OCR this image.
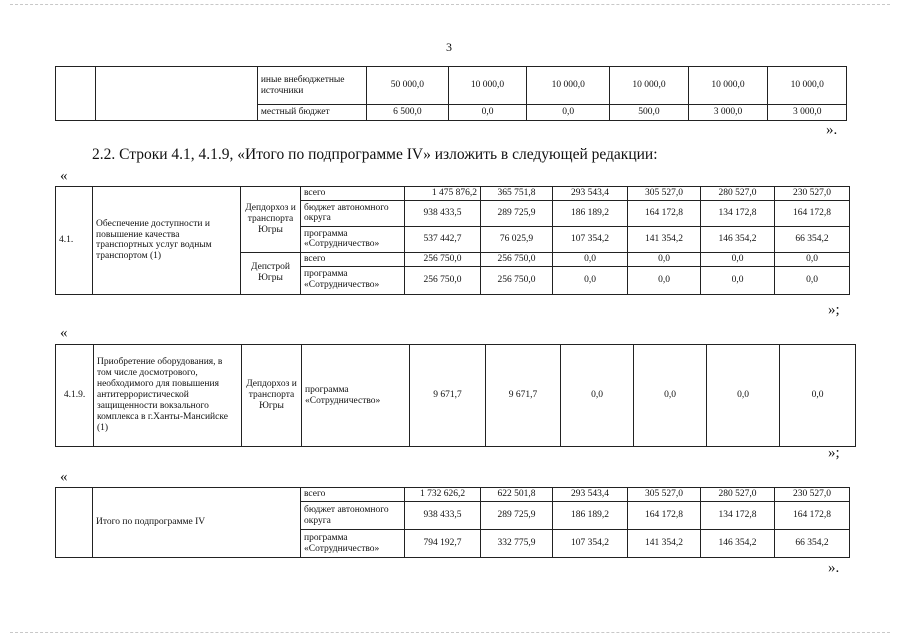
3
		иные внебюджетные источники	50 000,0	10 000,0	10 000,0	10 000,0	10 000,0	10 000,0
		местный бюджет	6 500,0	0,0	0,0	500,0	3 000,0	3 000,0
».
2.2. Строки 4.1, 4.1.9, «Итого по подпрограмме IV» изложить в следующей редакции:
«
4.1.	Обеспечение доступности и повышение качества транспортных услуг водным транспортом (1)	Депдорхоз и транспорта Югры	всего	1 475 876,2	365 751,8	293 543,4	305 527,0	280 527,0	230 527,0
			бюджет автономного округа	938 433,5	289 725,9	186 189,2	164 172,8	134 172,8	164 172,8
			программа «Сотрудничество»	537 442,7	76 025,9	107 354,2	141 354,2	146 354,2	66 354,2
		Депстрой Югры	всего	256 750,0	256 750,0	0,0	0,0	0,0	0,0
			программа «Сотрудничество»	256 750,0	256 750,0	0,0	0,0	0,0	0,0
»;
«
4.1.9.	Приобретение оборудования, в том числе досмотрового, необходимого для повышения антитеррористической защищенности вокзального комплекса в г.Ханты-Мансийске (1)	Депдорхоз и транспорта Югры	программа «Сотрудничество»	9 671,7	9 671,7	0,0	0,0	0,0	0,0
»;
«
	Итого по подпрограмме IV	всего	1 732 626,2	622 501,8	293 543,4	305 527,0	280 527,0	230 527,0
		бюджет автономного округа	938 433,5	289 725,9	186 189,2	164 172,8	134 172,8	164 172,8
		программа «Сотрудничество»	794 192,7	332 775,9	107 354,2	141 354,2	146 354,2	66 354,2
».
